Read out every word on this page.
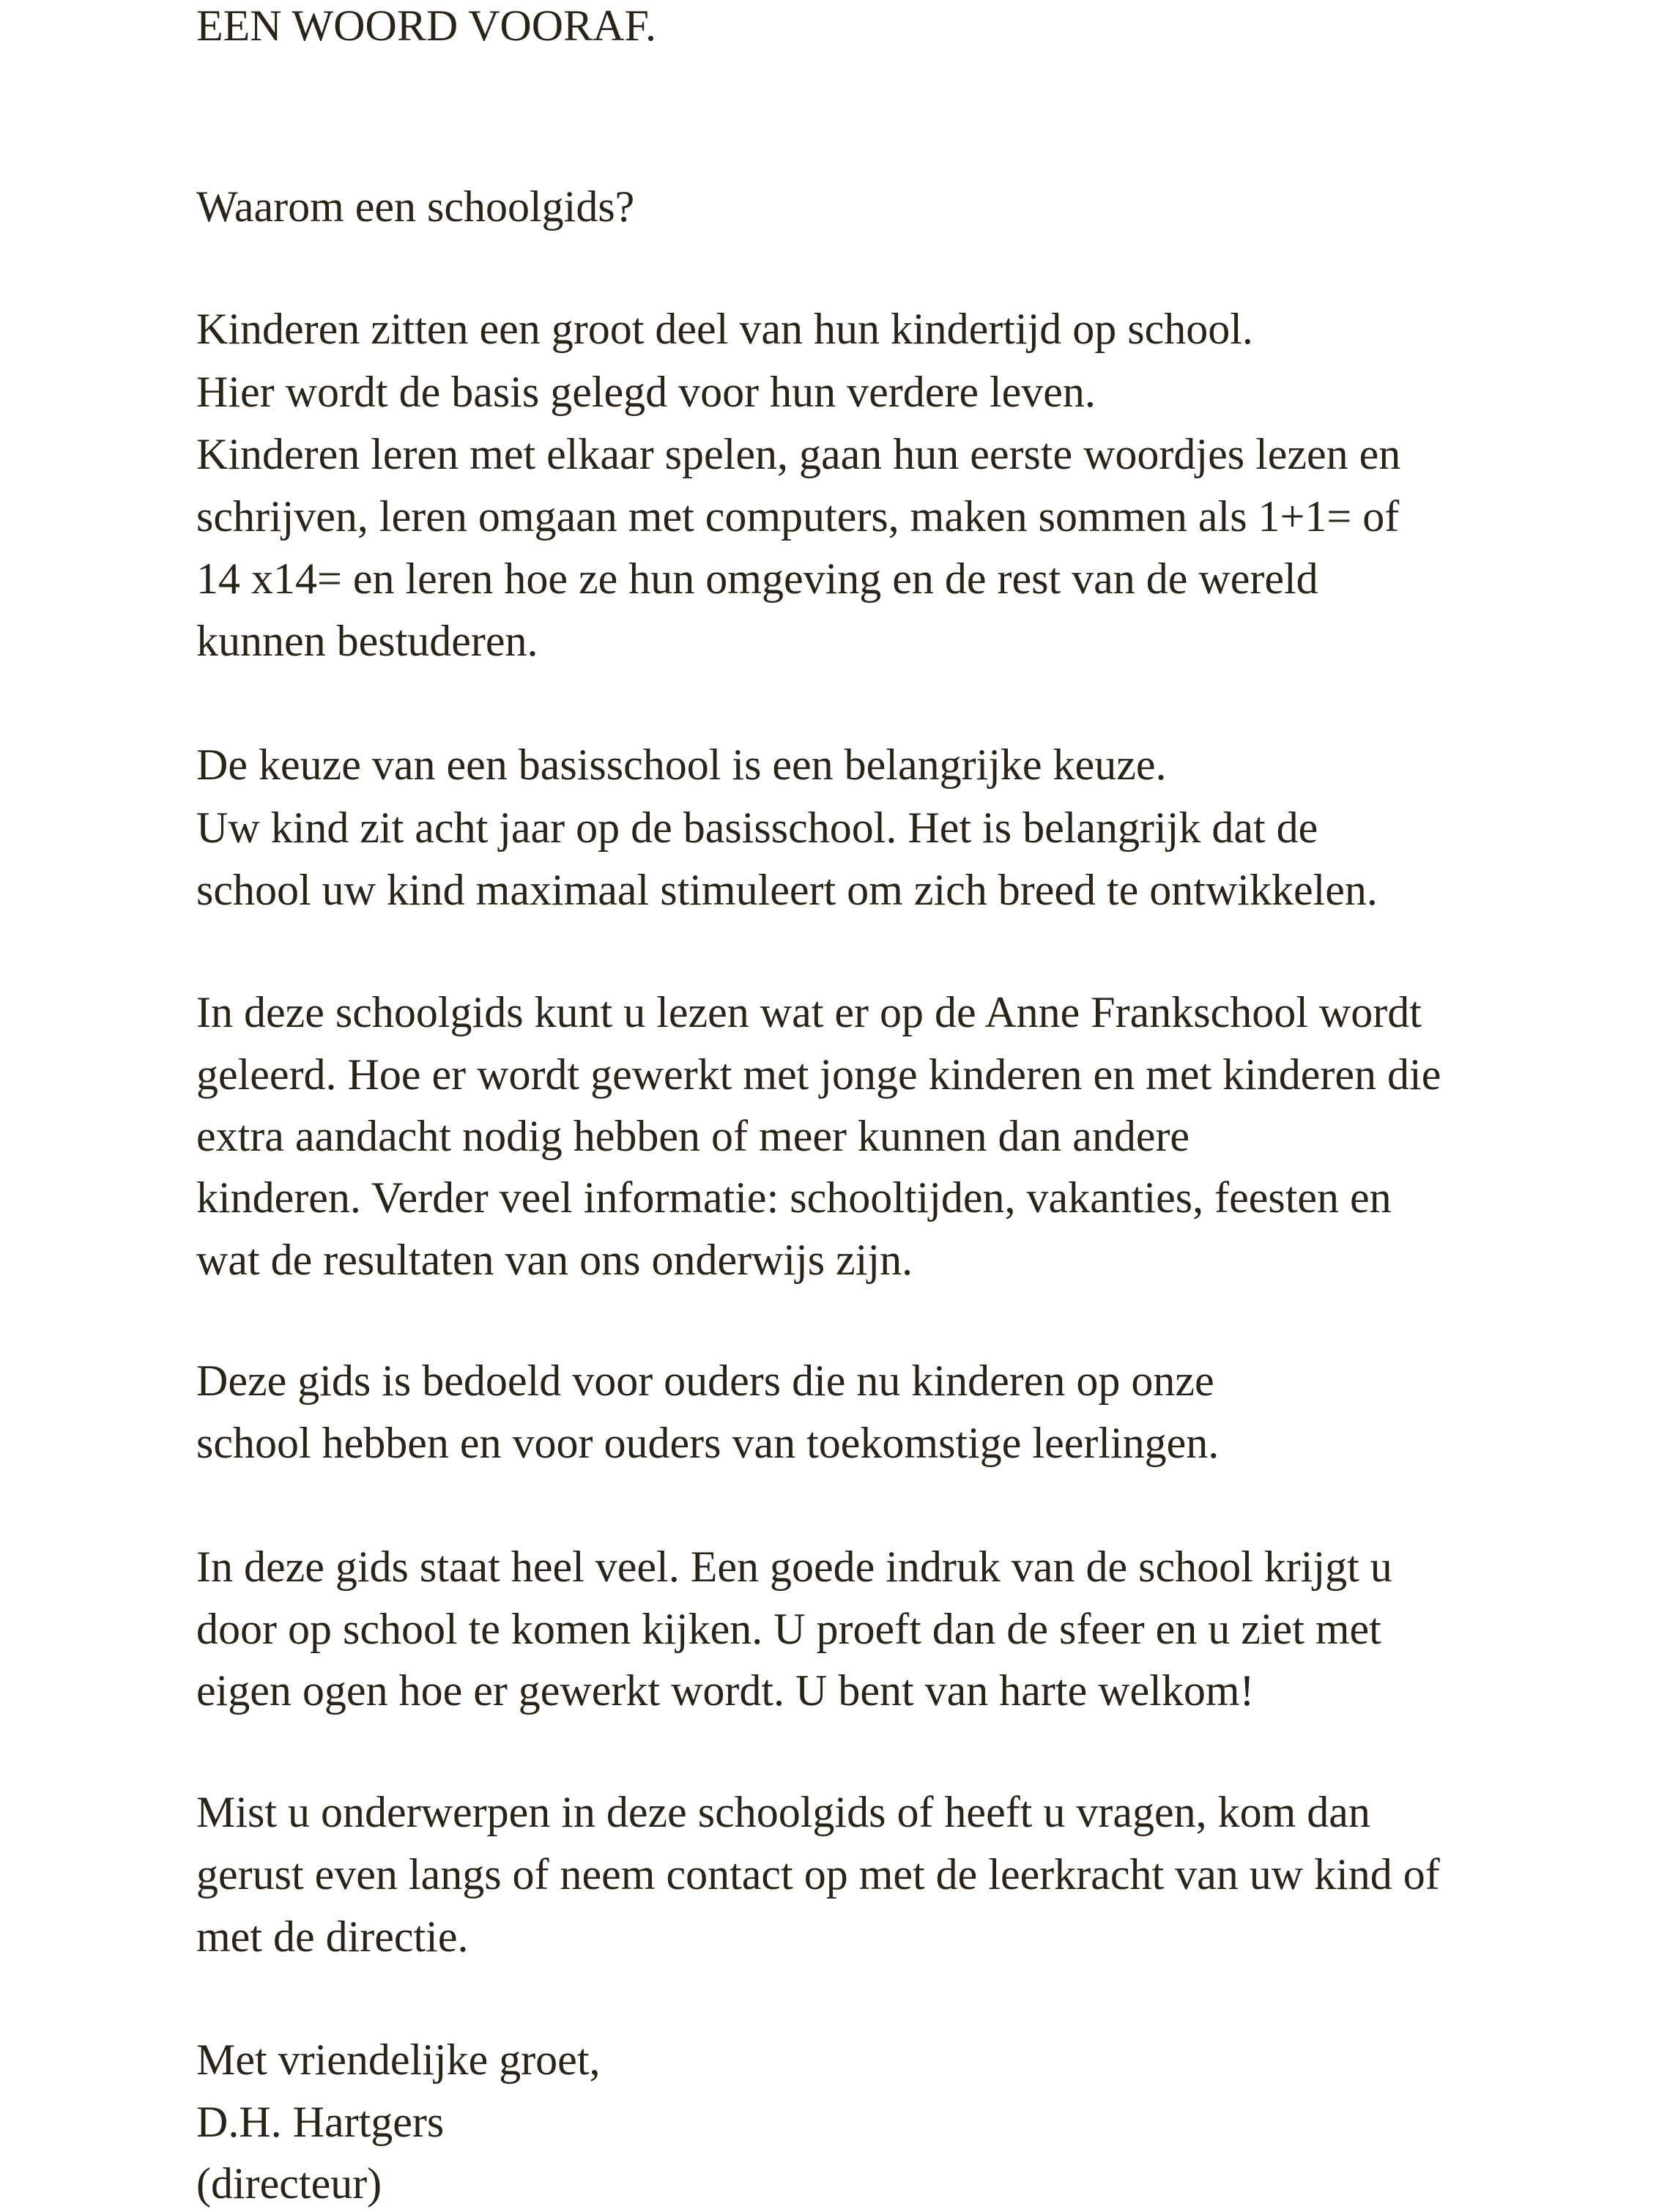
EEN WOORD VOORAF.

Waarom een schoolgids?

Kinderen zitten een groot deel van hun kindertijd op school.

Hier wordt de basis gelegd voor hun verdere leven.

Kinderen leren met elkaar spelen, gaan hun eerste woordjes lezen en

schrijven, leren omgaan met computers, maken sommen als 1+1= of

14 x14= en leren hoe ze hun omgeving en de rest van de wereld

kunnen bestuderen.

De keuze van een basisschool is een belangrijke keuze.

Uw kind zit acht jaar op de basisschool. Het is belangrijk dat de

school uw kind maximaal stimuleert om zich breed te ontwikkelen.

In deze schoolgids kunt u lezen wat er op de Anne Frankschool wordt

geleerd. Hoe er wordt gewerkt met jonge kinderen en met kinderen die

extra aandacht nodig hebben of meer kunnen dan andere

kinderen. Verder veel informatie: schooltijden, vakanties, feesten en

wat de resultaten van ons onderwijs zijn.

Deze gids is bedoeld voor ouders die nu kinderen op onze

school hebben en voor ouders van toekomstige leerlingen.

In deze gids staat heel veel. Een goede indruk van de school krijgt u

door op school te komen kijken. U proeft dan de sfeer en u ziet met

eigen ogen hoe er gewerkt wordt. U bent van harte welkom!

Mist u onderwerpen in deze schoolgids of heeft u vragen, kom dan

gerust even langs of neem contact op met de leerkracht van uw kind of

met de directie.

Met vriendelijke groet,

D.H. Hartgers

(directeur)
